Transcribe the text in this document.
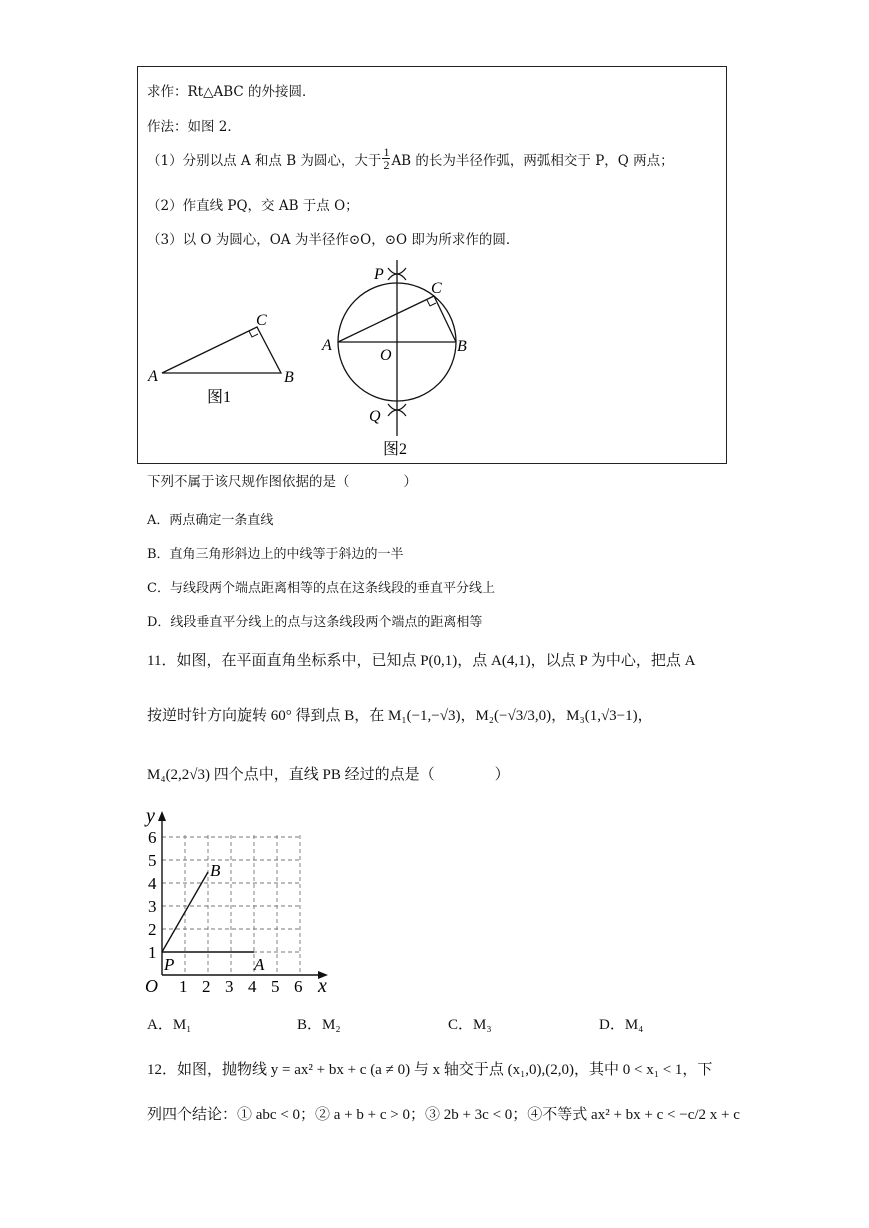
求作：Rt△ABC 的外接圆．
作法：如图 2．
（1）分别以点 A 和点 B 为圆心，大于 $\frac{1}{2}$ AB 的长为半径作弧，两弧相交于 P，Q 两点；
（2）作直线 PQ，交 AB 于点 O；
（3）以 O 为圆心，OA 为半径作⊙O，⊙O 即为所求作的圆．
A
C
B
图1
P
C
A
O
B
Q
图2
下列不属于该尺规作图依据的是（　　　　）
A．两点确定一条直线
B．直角三角形斜边上的中线等于斜边的一半
C．与线段两个端点距离相等的点在这条线段的垂直平分线上
D．线段垂直平分线上的点与这条线段两个端点的距离相等
11．如图，在平面直角坐标系中，已知点 P(0,1)，点 A(4,1)，以点 P 为中心，把点 A
按逆时针方向旋转 60° 得到点 B，在 M₁(−1,−√3)，M₂(−√3/3,0)，M₃(1,√3−1)，
M₄(2,2√3) 四个点中，直线 PB 经过的点是（　　　　）
y
x
O 1 2 3 4 5 6
1
2
3
4
5
6
P	A
B
A．M₁	B．M₂	C．M₃	D．M₄
12．如图，抛物线 y = ax² + bx + c (a ≠ 0) 与 x 轴交于点 (x₁,0),(2,0)，其中 0 < x₁ < 1，下
列四个结论：① abc < 0；② a + b + c > 0；③ 2b + 3c < 0；④不等式 ax² + bx + c < −c/2 x + c
